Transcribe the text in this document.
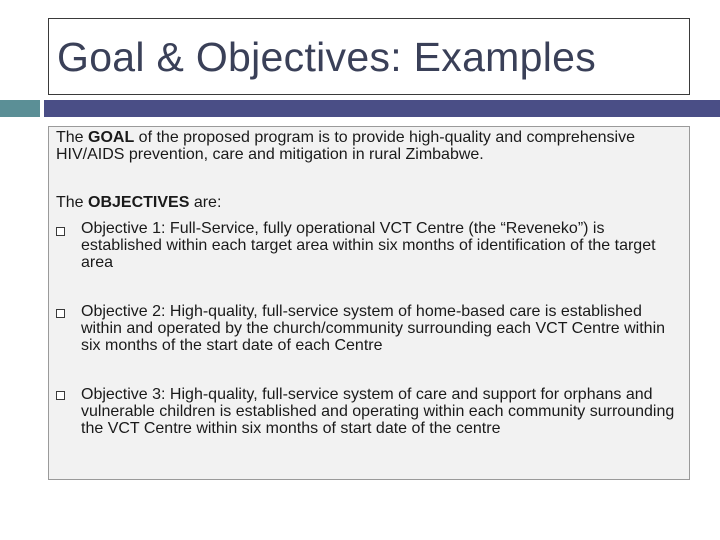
Goal & Objectives: Examples

The GOAL of the proposed program is to provide high-quality and comprehensive HIV/AIDS prevention, care and mitigation in rural Zimbabwe.

The OBJECTIVES are:

Objective 1: Full-Service, fully operational VCT Centre (the “Reveneko”) is established within each target area within six months of identification of the target area

Objective 2: High-quality, full-service system of home-based care is established within and operated by the church/community surrounding each VCT Centre within six months of the start date of each Centre

Objective 3: High-quality, full-service system of care and support for orphans and vulnerable children is established and operating within each community surrounding the VCT Centre within six months of start date of the centre
